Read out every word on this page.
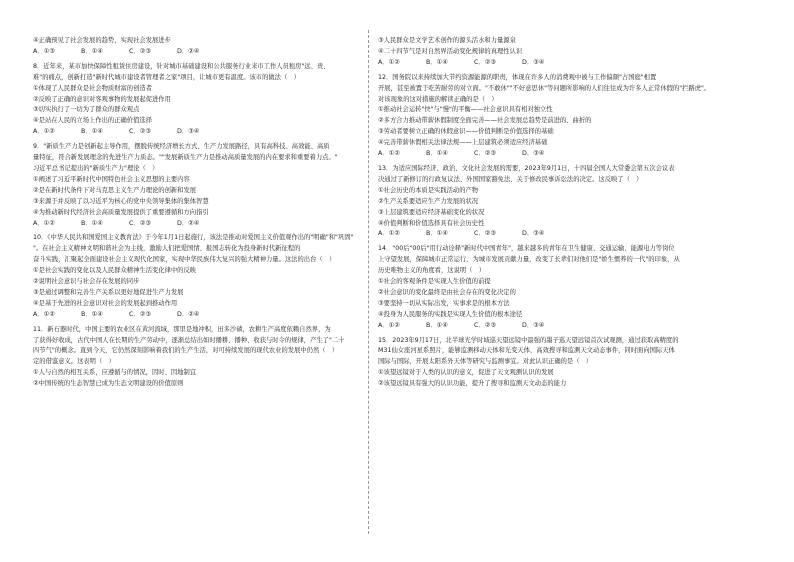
④正确预见了社会发展的趋势，实现社会发展进步
A．①③	B．①④	C．②③	D．②④
8．近年来，某市加快保障性租赁住房建设，针对城市基础建设和公共服务行业来市工作人员租房"远、贵、
难"的痛点，创新打造"新时代城市建设者管理者之家"项目，让城市更有温度。该市的做法（　）
①体现了人民群众是社会物质财富的创造者
②反映了正确的意识对客观事物的发展起促进作用
③切实执行了一切为了群众的群众观点
④是站在人民的立场上作出的正确价值选择
A．①②	B．①④	C．②③	D．③④
9．"新质生产力是创新起主导作用，摆脱传统经济增长方式、生产力发展路径，具有高科技、高效能、高质
量特征，符合新发展理念的先进生产力质态。""发展新质生产力是推动高质量发展的内在要求和重要着力点。"
习近平总书记提出的"新质生产力"理论（　）
①阐述了习近平新时代中国特色社会主义思想的主要内容
②是在新时代条件下对马克思主义生产力理论的创新和发展
③来源于并反映了以习近平为核心的党中央领导集体的集体智慧
④为推动新时代经济社会高质量发展提供了重要遵循和方向指引
A．①②	B．①④	C．②③	D．②④
10．《中华人民共和国爱国主义教育法》于今年1月1日起施行，该法是推动对爱国主义价值观作出的"明确"和"巩固"
"。在社会主义精神文明和谐社会为主线，激励人们把爱国情、报国志转化为投身新时代新征程的
奋斗实践，汇聚起全面建设社会主义现代化国家，实现中华民族伟大复兴的强大精神力量。这法的出台（　）
①是社会实践的变化以及人民群众精神生活变化律中的反映
②说明社会意识与社会存在发展的同步
③是通过调整和完善生产关系以更好地促进生产力发展
④是基于先进的社会意识对社会的发展起到推动作用
A．①②	B．①④	C．②③	D．②④
11．新石器时代，中国主要的农业区在黄河流域，那里是地冲积，田多沙碛，农耕生产高度依赖自然界，为
了获得好收成，古代中国人在长期的生产劳动中，逐渐总结出如时播耕、播种、收获与时令的规律，产生了"二十
四节气"的概念。直到今天，它仍然深刻影响着我们的生产生活，对可持续发展的现代农业的发展中仍然（　）
定的借鉴意义。这表明（　）
①人与自然的相互关系，应遵循与的情况，因时、因地制宜
②中国传统的生态智慧已成为生态文明建设的价值原则
③人民群众是文学艺术创作的源头活水和力量源泉
④二十四节气是对自然界活动变化规律的真理性认识
A．①②	B．①④	C．②③	D．③④
12．国务院以来持续加大节约资源能源的职责，体现在许多人的消费观中被与工作偏颇"占国庭"相置
开展，甚至被置于吃苦耐劳的对立面。"不敢休""不好意思休"等问题所影响的人们往往成为许多人正常休假的"拦路虎"。
对该现象的这对措施的解读正确的是（　）
①推动社会运转"快"与"慢"的平衡——社会意识具有相对独立性
②多方合力推动带薪休假制度全面完善——社会发展总趋势是前进的、曲折的
③劳动者要树立正确的休假意识——价值判断是价值选择的基础
④完善带薪休假相关法律法规——上层建筑必须适应经济基础
A．①②	B．①④	C．②③	D．③④
13．为适应国际经济、政治、文化社会发展的需要，2023年9月1日，十四届全国人大常委会第五次会议表
决通过了新修订的行政复议法、外国国家豁免法、关于修改民事诉讼法的决定。这反映了（　）
①社会历史的本质是实践活动的产物
②生产关系要适应生产力发展的状况
③上层建筑要适应经济基础变化的状况
④价值判断和价值选择具有社会历史性
A．①②	B．①④	C．②③	D．③④
14．"00后"00后"用行动诠释"新时代中国青年"，越来越多的青年在卫生健康、交通运输、能源电力等岗位
上守望发展，保障城市正常运行，为城市发展贡献力量，改变了长辈们对他们是"娇生惯养的一代"的印象，从
历史唯物主义的角度看，这说明（　）
①社会的客观条件是实现人生价值的前提
②社会意识的变化最终是由社会存在的变化决定的
③要坚持一切从实际出发，实事求是的根本方法
④投身为人民服务的实践是实现人生价值的根本途径
A．①②	B．①④	C．②③	D．③④
15．2023年9月17日，北半球光学时域巡天望远镜中最强的墨子巡天望远镜首次试观测，通过获取高精度的
M31仙女座河星系照片，能够监测移动天体和光变天体，高效搜寻和监测天文动态事件，同时面向国际天体
国际与国际，开展太阳系外天体等研究与监测事宜。对此认识正确的是（　）
①该望远镜对于人类的认识的意义，促进了天文观测认识的发展
②该望远镜具有强大的认识功能，提升了搜寻和监测天文动态的能力
